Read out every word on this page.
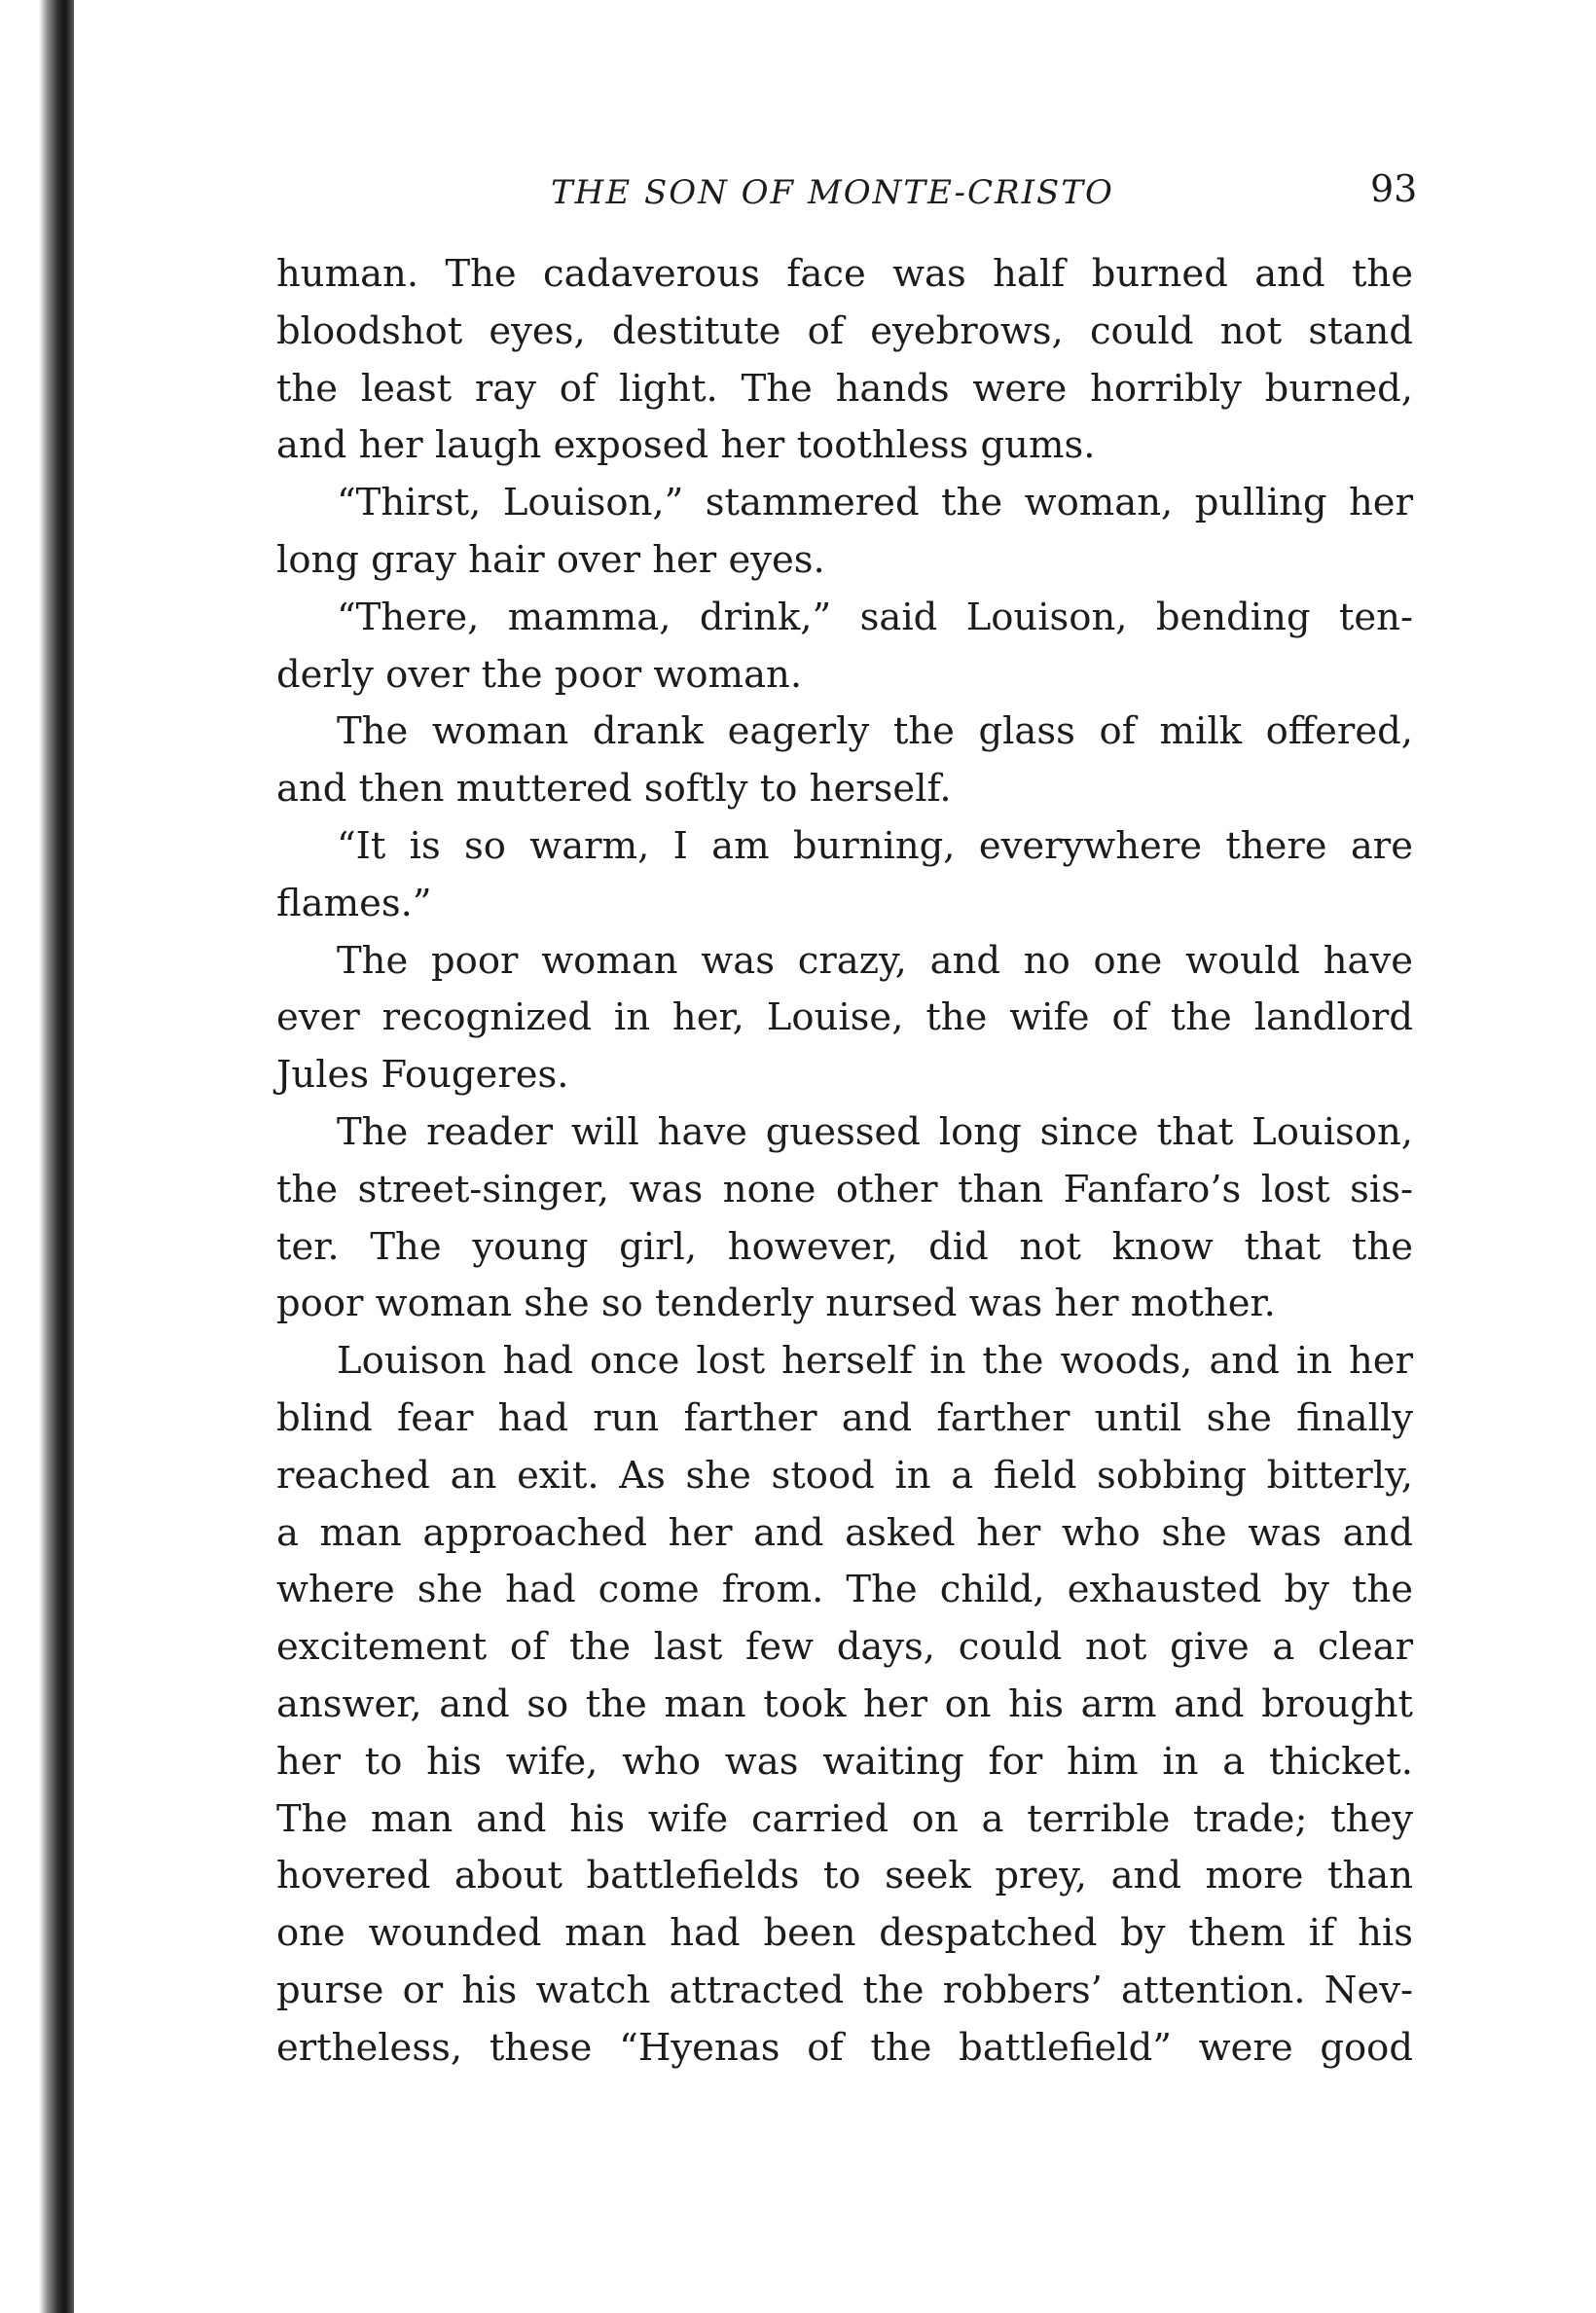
THE SON OF MONTE-CRISTO	93
human. The cadaverous face was half burned and the
bloodshot eyes, destitute of eyebrows, could not stand
the least ray of light. The hands were horribly burned,
and her laugh exposed her toothless gums.
“Thirst, Louison,” stammered the woman, pulling her
long gray hair over her eyes.
“There, mamma, drink,” said Louison, bending ten-
derly over the poor woman.
The woman drank eagerly the glass of milk offered,
and then muttered softly to herself.
“It is so warm, I am burning, everywhere there are
flames.”
The poor woman was crazy, and no one would have
ever recognized in her, Louise, the wife of the landlord
Jules Fougeres.
The reader will have guessed long since that Louison,
the street-singer, was none other than Fanfaro’s lost sis-
ter. The young girl, however, did not know that the
poor woman she so tenderly nursed was her mother.
Louison had once lost herself in the woods, and in her
blind fear had run farther and farther until she finally
reached an exit. As she stood in a field sobbing bitterly,
a man approached her and asked her who she was and
where she had come from. The child, exhausted by the
excitement of the last few days, could not give a clear
answer, and so the man took her on his arm and brought
her to his wife, who was waiting for him in a thicket.
The man and his wife carried on a terrible trade; they
hovered about battlefields to seek prey, and more than
one wounded man had been despatched by them if his
purse or his watch attracted the robbers’ attention. Nev-
ertheless, these “Hyenas of the battlefield” were good
